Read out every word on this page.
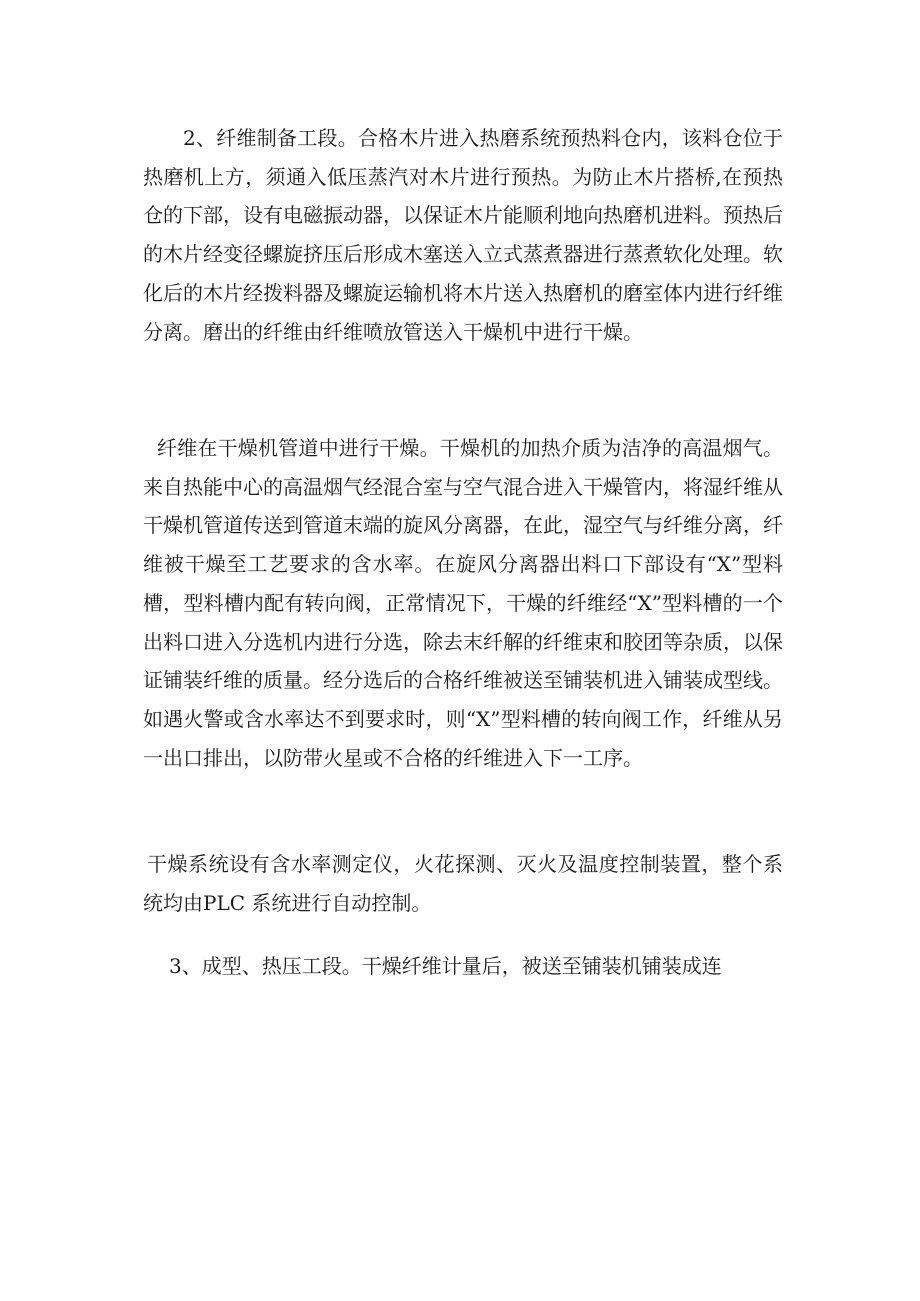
2、纤维制备工段。合格木片进入热磨系统预热料仓内，该料仓位于热磨机上方，须通入低压蒸汽对木片进行预热。为防止木片搭桥,在预热仓的下部，设有电磁振动器，以保证木片能顺利地向热磨机进料。预热后的木片经变径螺旋挤压后形成木塞送入立式蒸煮器进行蒸煮软化处理。软化后的木片经拨料器及螺旋运输机将木片送入热磨机的磨室体内进行纤维分离。磨出的纤维由纤维喷放管送入干燥机中进行干燥。

纤维在干燥机管道中进行干燥。干燥机的加热介质为洁净的高温烟气。来自热能中心的高温烟气经混合室与空气混合进入干燥管内，将湿纤维从干燥机管道传送到管道末端的旋风分离器，在此，湿空气与纤维分离，纤维被干燥至工艺要求的含水率。在旋风分离器出料口下部设有“X”型料槽，型料槽内配有转向阀，正常情况下，干燥的纤维经“X”型料槽的一个出料口进入分选机内进行分选，除去末纤解的纤维束和胶团等杂质，以保证铺装纤维的质量。经分选后的合格纤维被送至铺装机进入铺装成型线。如遇火警或含水率达不到要求时，则“X”型料槽的转向阀工作，纤维从另一出口排出，以防带火星或不合格的纤维进入下一工序。

干燥系统设有含水率测定仪，火花探测、灭火及温度控制装置，整个系统均由PLC 系统进行自动控制。

3、成型、热压工段。干燥纤维计量后，被送至铺装机铺装成连
